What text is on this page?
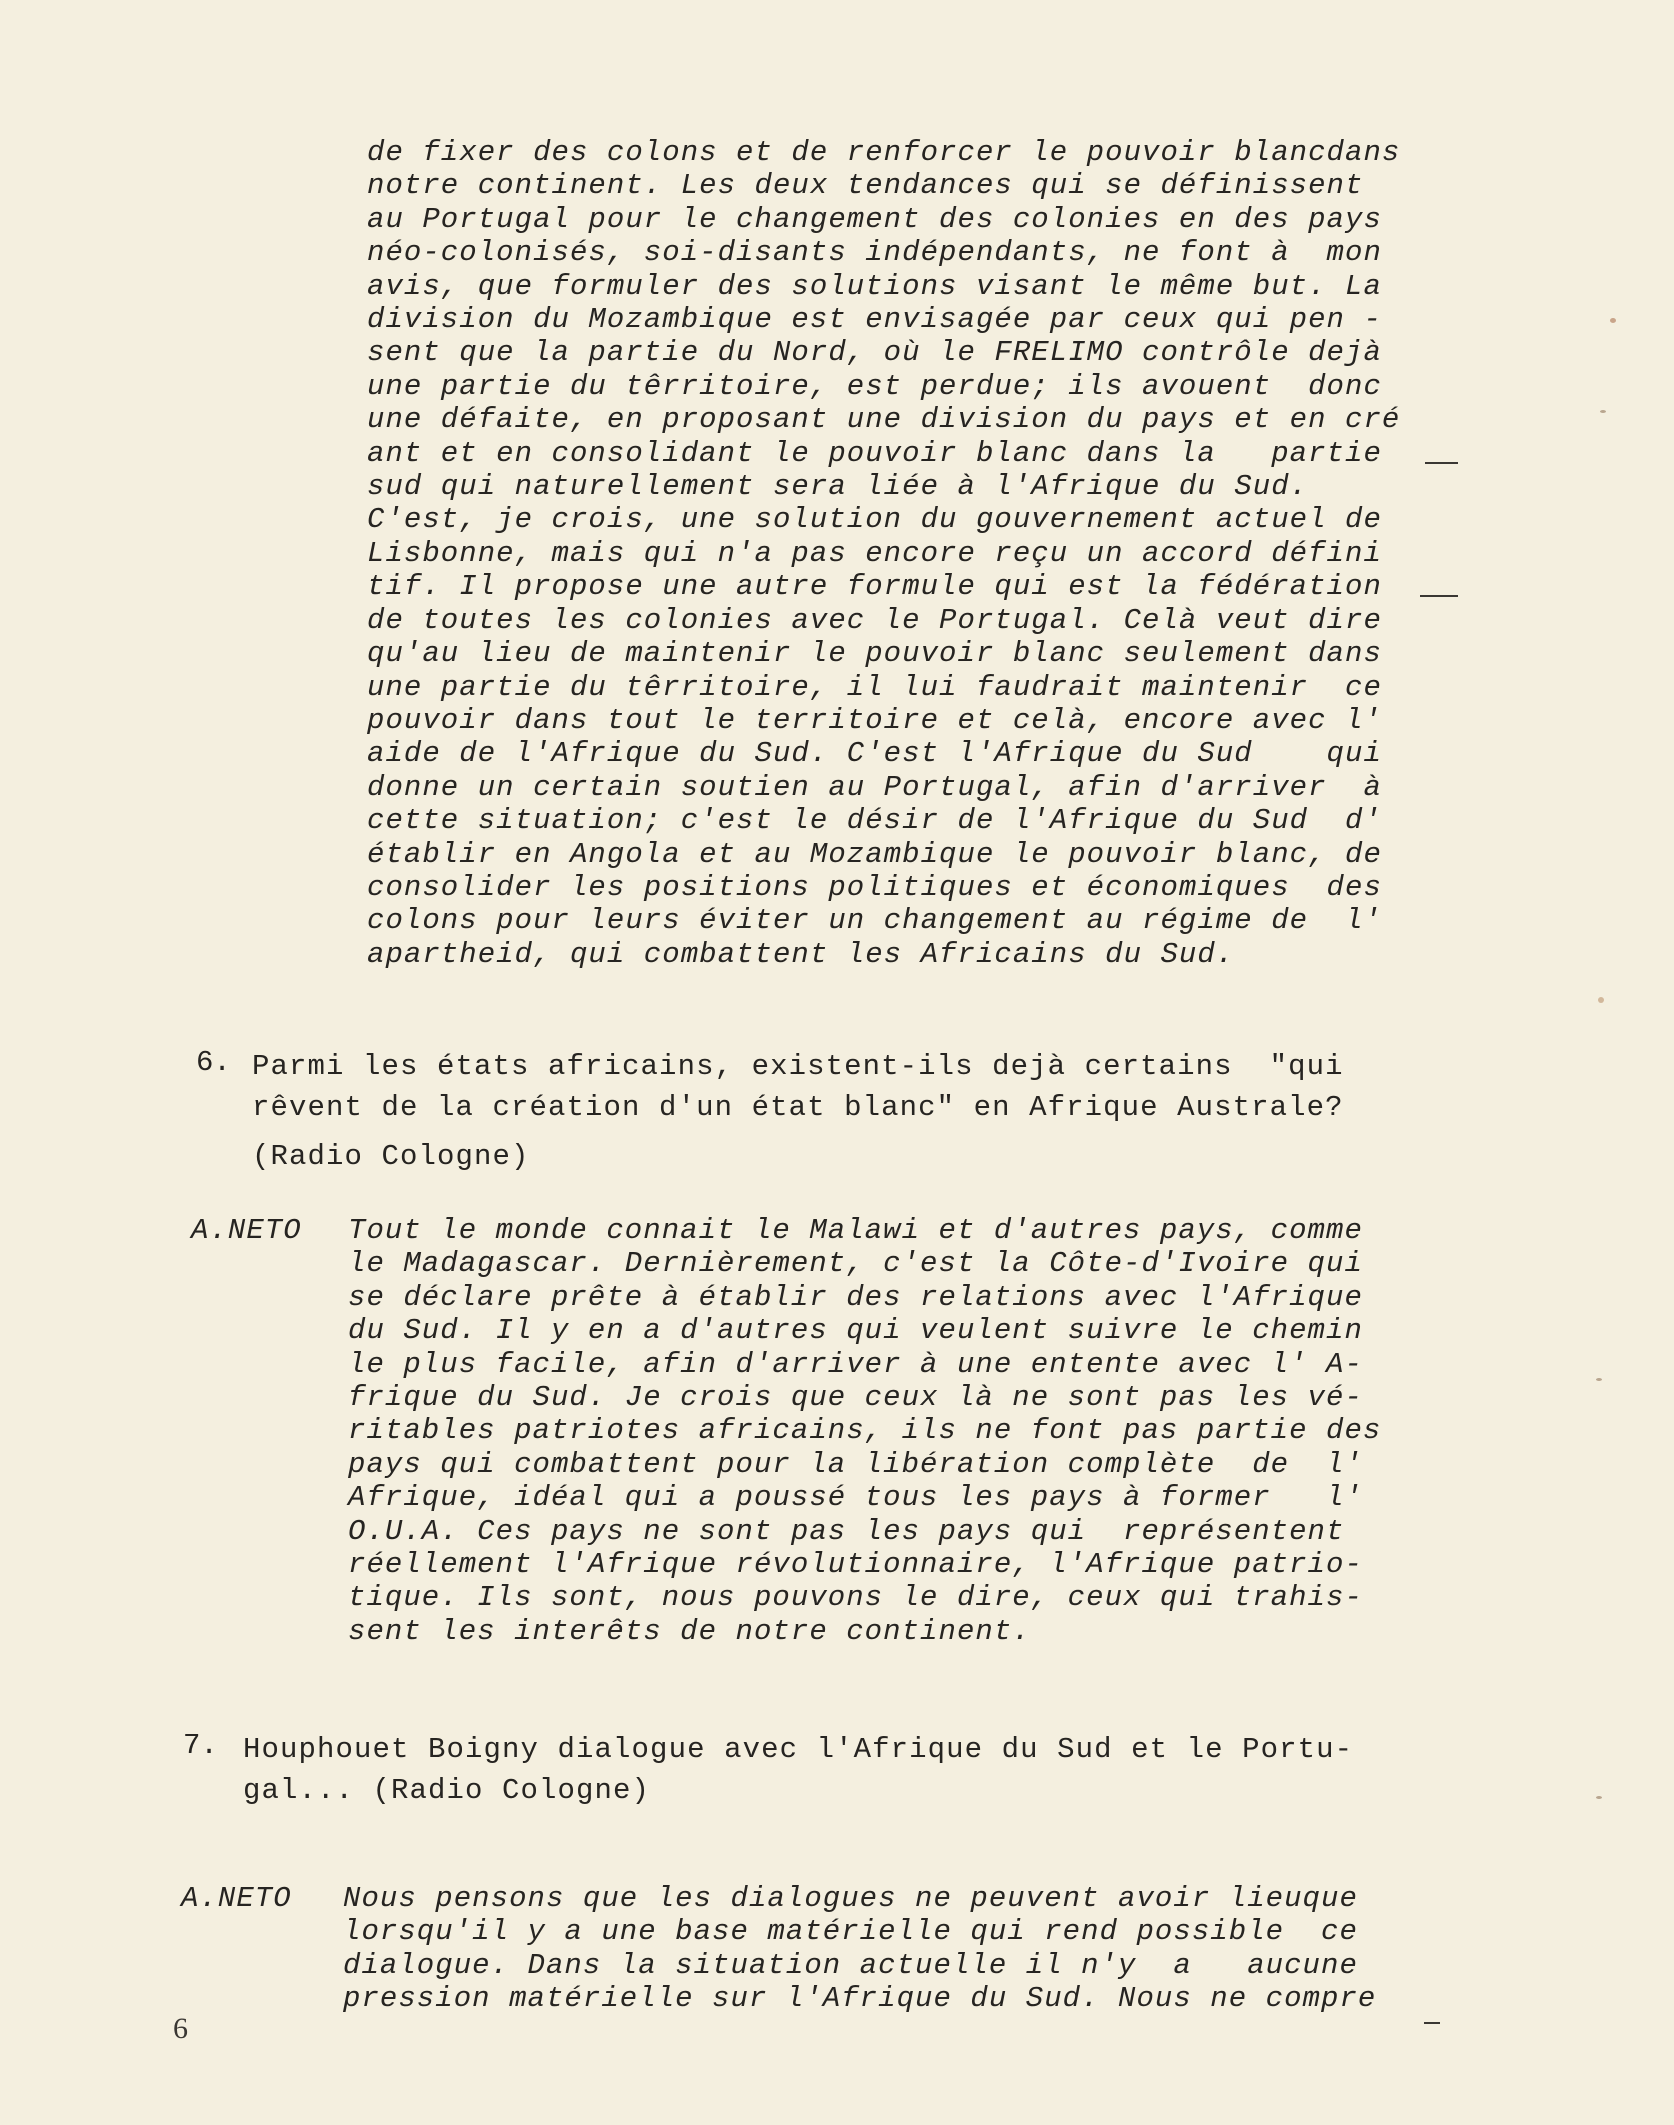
de fixer des colons et de renforcer le pouvoir blancdans
notre continent. Les deux tendances qui se définissent
au Portugal pour le changement des colonies en des pays
néo-colonisés, soi-disants indépendants, ne font à  mon
avis, que formuler des solutions visant le même but. La
division du Mozambique est envisagée par ceux qui pen -
sent que la partie du Nord, où le FRELIMO contrôle dejà
une partie du têrritoire, est perdue; ils avouent  donc
une défaite, en proposant une division du pays et en cré
ant et en consolidant le pouvoir blanc dans la   partie
sud qui naturellement sera liée à l'Afrique du Sud.
C'est, je crois, une solution du gouvernement actuel de
Lisbonne, mais qui n'a pas encore reçu un accord défini
tif. Il propose une autre formule qui est la fédération
de toutes les colonies avec le Portugal. Celà veut dire
qu'au lieu de maintenir le pouvoir blanc seulement dans
une partie du têrritoire, il lui faudrait maintenir  ce
pouvoir dans tout le territoire et celà, encore avec l'
aide de l'Afrique du Sud. C'est l'Afrique du Sud    qui
donne un certain soutien au Portugal, afin d'arriver  à
cette situation; c'est le désir de l'Afrique du Sud  d'
établir en Angola et au Mozambique le pouvoir blanc, de
consolider les positions politiques et économiques  des
colons pour leurs éviter un changement au régime de  l'
apartheid, qui combattent les Africains du Sud.
6. Parmi les états africains, existent-ils dejà certains  "qui
rêvent de la création d'un état blanc" en Afrique Australe?
(Radio Cologne)
A.NETO Tout le monde connait le Malawi et d'autres pays, comme
le Madagascar. Dernièrement, c'est la Côte-d'Ivoire qui
se déclare prête à établir des relations avec l'Afrique
du Sud. Il y en a d'autres qui veulent suivre le chemin
le plus facile, afin d'arriver à une entente avec l' A-
frique du Sud. Je crois que ceux là ne sont pas les vé-
ritables patriotes africains, ils ne font pas partie des
pays qui combattent pour la libération complète  de  l'
Afrique, idéal qui a poussé tous les pays à former   l'
O.U.A. Ces pays ne sont pas les pays qui  représentent
réellement l'Afrique révolutionnaire, l'Afrique patrio-
tique. Ils sont, nous pouvons le dire, ceux qui trahis-
sent les interêts de notre continent.
7. Houphouet Boigny dialogue avec l'Afrique du Sud et le Portu-
gal... (Radio Cologne)
A.NETO Nous pensons que les dialogues ne peuvent avoir lieuque
lorsqu'il y a une base matérielle qui rend possible  ce
dialogue. Dans la situation actuelle il n'y  a   aucune
pression matérielle sur l'Afrique du Sud. Nous ne compre
6
